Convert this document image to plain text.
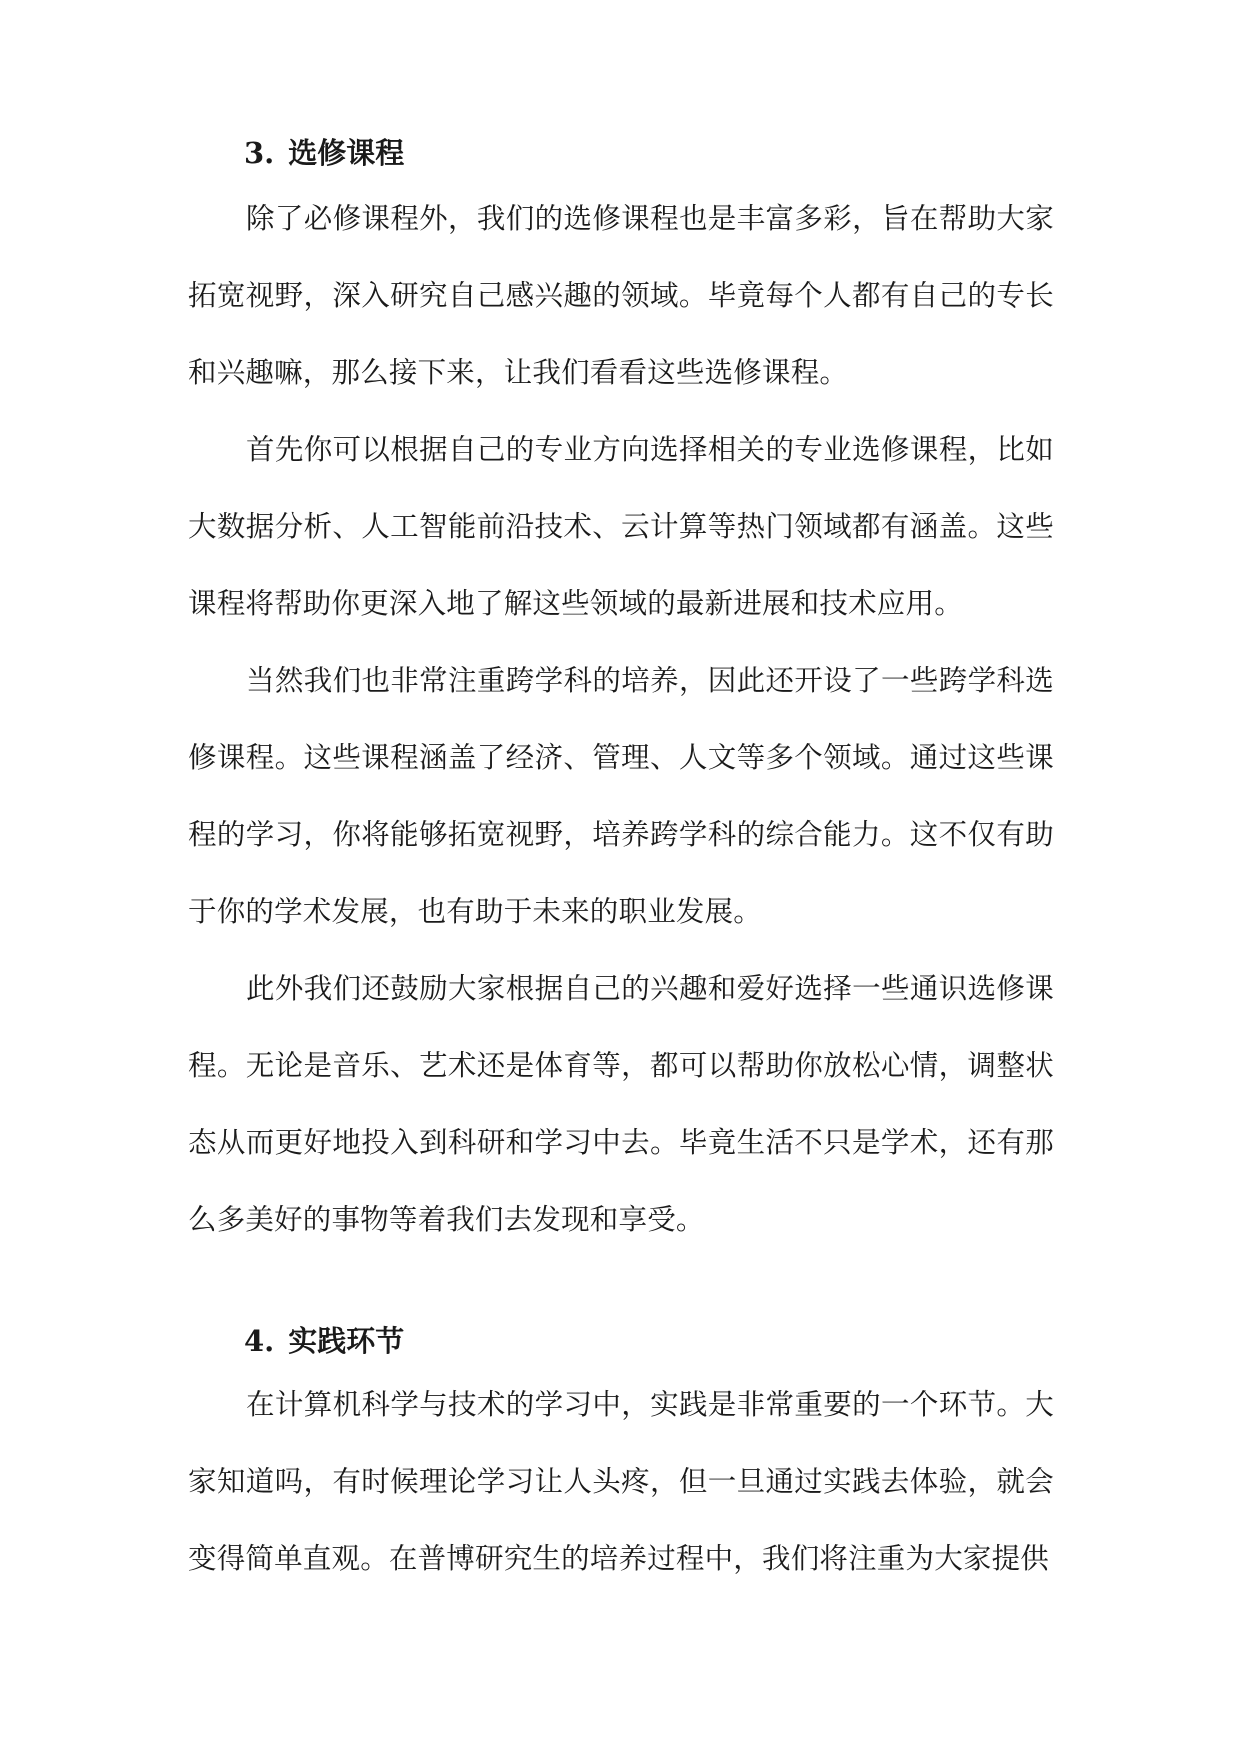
3. 选修课程

除了必修课程外，我们的选修课程也是丰富多彩，旨在帮助大家拓宽视野，深入研究自己感兴趣的领域。毕竟每个人都有自己的专长和兴趣嘛，那么接下来，让我们看看这些选修课程。

首先你可以根据自己的专业方向选择相关的专业选修课程，比如大数据分析、人工智能前沿技术、云计算等热门领域都有涵盖。这些课程将帮助你更深入地了解这些领域的最新进展和技术应用。

当然我们也非常注重跨学科的培养，因此还开设了一些跨学科选修课程。这些课程涵盖了经济、管理、人文等多个领域。通过这些课程的学习，你将能够拓宽视野，培养跨学科的综合能力。这不仅有助于你的学术发展，也有助于未来的职业发展。

此外我们还鼓励大家根据自己的兴趣和爱好选择一些通识选修课程。无论是音乐、艺术还是体育等，都可以帮助你放松心情，调整状态从而更好地投入到科研和学习中去。毕竟生活不只是学术，还有那么多美好的事物等着我们去发现和享受。

4. 实践环节

在计算机科学与技术的学习中，实践是非常重要的一个环节。大家知道吗，有时候理论学习让人头疼，但一旦通过实践去体验，就会变得简单直观。在普博研究生的培养过程中，我们将注重为大家提供
